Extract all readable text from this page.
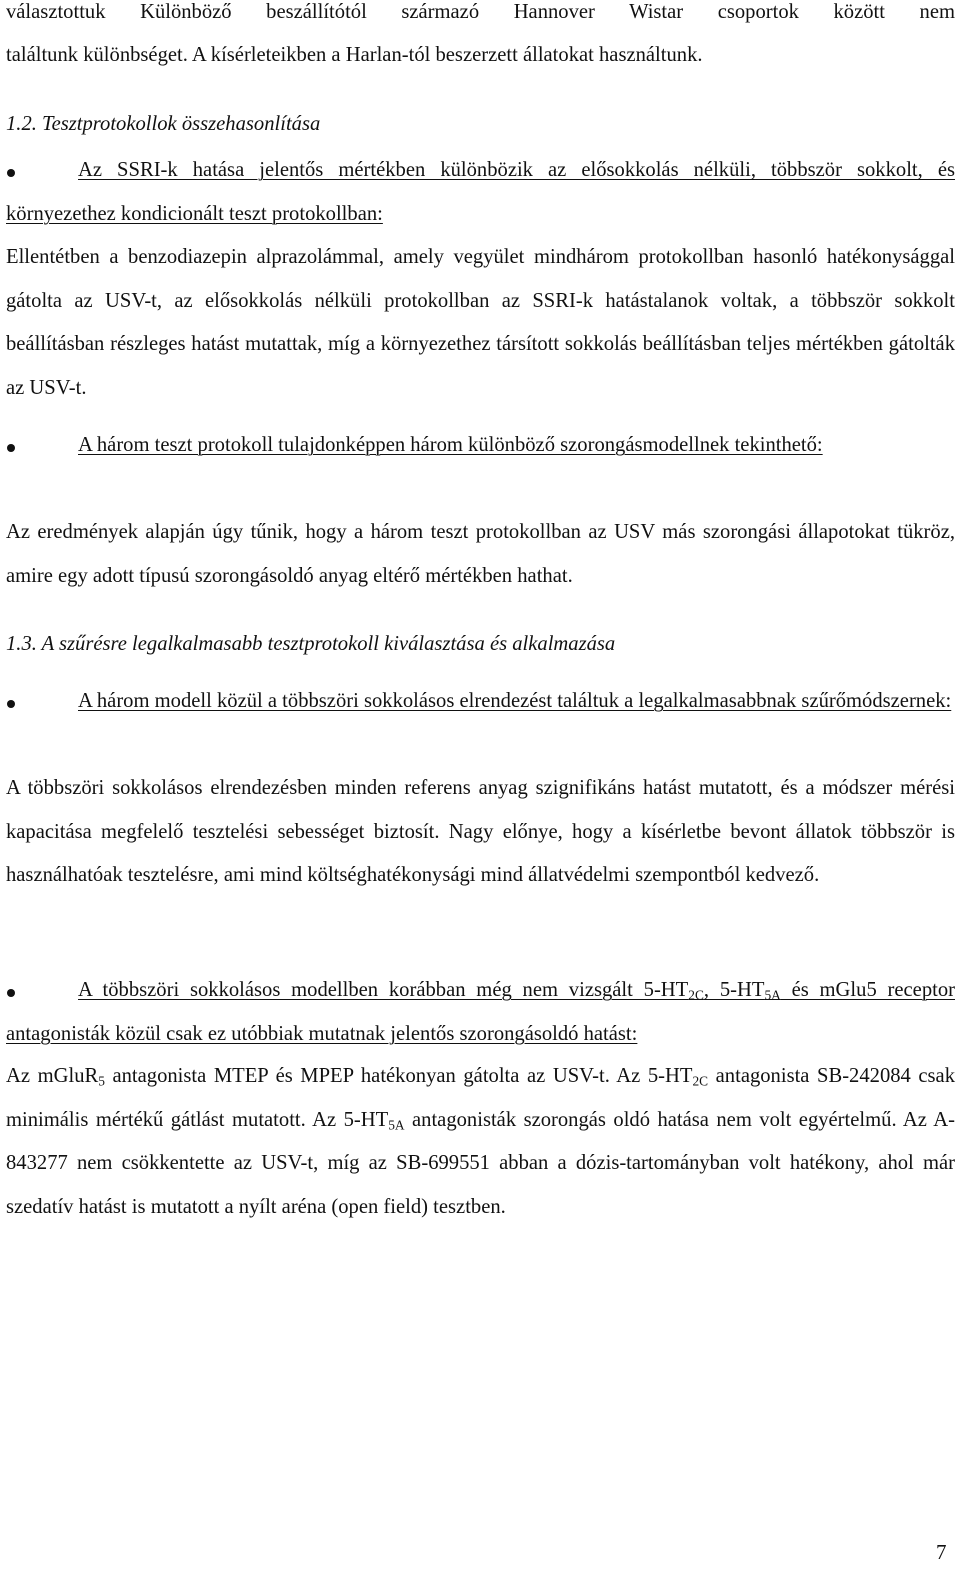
választottuk Különböző beszállítótól származó Hannover Wistar csoportok között nem

találtunk különbséget. A kísérleteikben a Harlan-tól beszerzett állatokat használtunk.

1.2. Tesztprotokollok összehasonlítása

Az SSRI-k hatása jelentős mértékben különbözik az elősokkolás nélküli, többször sokkolt, és környezethez kondicionált teszt protokollban:

Ellentétben a benzodiazepin alprazolámmal, amely vegyület mindhárom protokollban hasonló hatékonysággal gátolta az USV-t, az elősokkolás nélküli protokollban az SSRI-k hatástalanok voltak, a többször sokkolt beállításban részleges hatást mutattak, míg a környezethez társított sokkolás beállításban teljes mértékben gátolták az USV-t.

A három teszt protokoll tulajdonképpen három különböző szorongásmodellnek tekinthető:

Az eredmények alapján úgy tűnik, hogy a három teszt protokollban az USV más szorongási állapotokat tükröz, amire egy adott típusú szorongásoldó anyag eltérő mértékben hathat.

1.3. A szűrésre legalkalmasabb tesztprotokoll kiválasztása és alkalmazása

A három modell közül a többszöri sokkolásos elrendezést találtuk a legalkalmasabbnak szűrőmódszernek:

A többszöri sokkolásos elrendezésben minden referens anyag szignifikáns hatást mutatott, és a módszer mérési kapacitása megfelelő tesztelési sebességet biztosít. Nagy előnye, hogy a kísérletbe bevont állatok többször is használhatóak tesztelésre, ami mind költséghatékonysági mind állatvédelmi szempontból kedvező.

A többszöri sokkolásos modellben korábban még nem vizsgált $5-HT_{2C}$, $5-HT_{5A}$ és mGlu5 receptor antagonisták közül csak ez utóbbiak mutatnak jelentős szorongásoldó hatást:

Az mGluR$_5$ antagonista MTEP és MPEP hatékonyan gátolta az USV-t. Az $5-HT_{2C}$ antagonista SB-242084 csak minimális mértékű gátlást mutatott. Az $5-HT_{5A}$ antagonisták szorongás oldó hatása nem volt egyértelmű. Az A-843277 nem csökkentette az USV-t, míg az SB-699551 abban a dózis-tartományban volt hatékony, ahol már szedatív hatást is mutatott a nyílt aréna (open field) tesztben.

7
